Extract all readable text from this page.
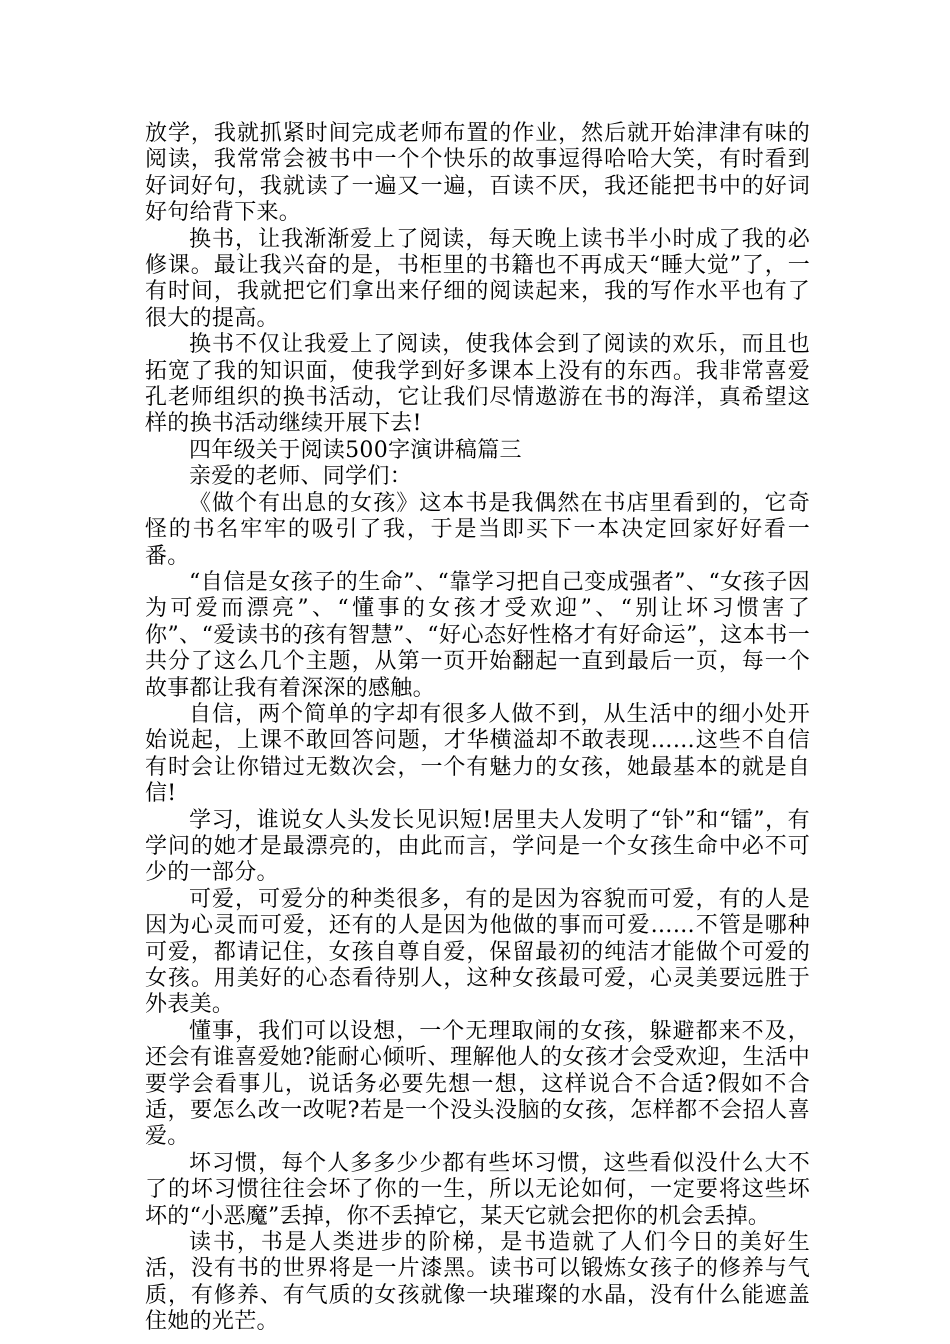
放学，我就抓紧时间完成老师布置的作业，然后就开始津津有味的阅读，我常常会被书中一个个快乐的故事逗得哈哈大笑，有时看到好词好句，我就读了一遍又一遍，百读不厌，我还能把书中的好词好句给背下来。

换书，让我渐渐爱上了阅读，每天晚上读书半小时成了我的必修课。最让我兴奋的是，书柜里的书籍也不再成天“睡大觉”了，一有时间，我就把它们拿出来仔细的阅读起来，我的写作水平也有了很大的提高。

换书不仅让我爱上了阅读，使我体会到了阅读的欢乐，而且也拓宽了我的知识面，使我学到好多课本上没有的东西。我非常喜爱孔老师组织的换书活动，它让我们尽情遨游在书的海洋，真希望这样的换书活动继续开展下去!

四年级关于阅读500字演讲稿篇三

亲爱的老师、同学们：

《做个有出息的女孩》这本书是我偶然在书店里看到的，它奇怪的书名牢牢的吸引了我，于是当即买下一本决定回家好好看一番。

“自信是女孩子的生命”、“靠学习把自己变成强者”、“女孩子因为可爱而漂亮”、“懂事的女孩才受欢迎”、“别让坏习惯害了你”、“爱读书的孩有智慧”、“好心态好性格才有好命运”，这本书一共分了这么几个主题，从第一页开始翻起一直到最后一页，每一个故事都让我有着深深的感触。

自信，两个简单的字却有很多人做不到，从生活中的细小处开始说起，上课不敢回答问题，才华横溢却不敢表现……这些不自信有时会让你错过无数次会，一个有魅力的女孩，她最基本的就是自信!

学习，谁说女人头发长见识短!居里夫人发明了“钋”和“镭”，有学问的她才是最漂亮的，由此而言，学问是一个女孩生命中必不可少的一部分。

可爱，可爱分的种类很多，有的是因为容貌而可爱，有的人是因为心灵而可爱，还有的人是因为他做的事而可爱……不管是哪种可爱，都请记住，女孩自尊自爱，保留最初的纯洁才能做个可爱的女孩。用美好的心态看待别人，这种女孩最可爱，心灵美要远胜于外表美。

懂事，我们可以设想，一个无理取闹的女孩，躲避都来不及，还会有谁喜爱她?能耐心倾听、理解他人的女孩才会受欢迎，生活中要学会看事儿，说话务必要先想一想，这样说合不合适?假如不合适，要怎么改一改呢?若是一个没头没脑的女孩，怎样都不会招人喜爱。

坏习惯，每个人多多少少都有些坏习惯，这些看似没什么大不了的坏习惯往往会坏了你的一生，所以无论如何，一定要将这些坏坏的“小恶魔”丢掉，你不丢掉它，某天它就会把你的机会丢掉。

读书，书是人类进步的阶梯，是书造就了人们今日的美好生活，没有书的世界将是一片漆黑。读书可以锻炼女孩子的修养与气质，有修养、有气质的女孩就像一块璀璨的水晶，没有什么能遮盖住她的光芒。
